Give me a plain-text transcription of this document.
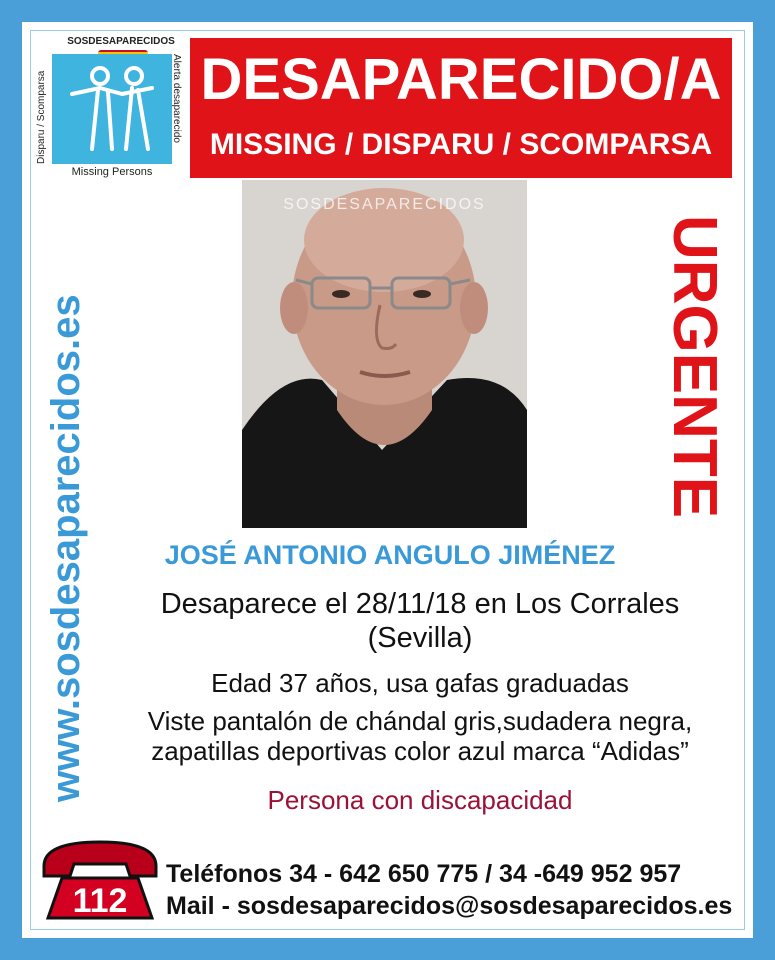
SOSDESAPARECIDOS
Disparu / Scomparsa	Alerta desaparecido
Missing Persons
DESAPARECIDO/A
MISSING / DISPARU / SCOMPARSA
www.sosdesaparecidos.es	URGENTE
SOSDESAPARECIDOS
JOSÉ ANTONIO ANGULO JIMÉNEZ
Desaparece el 28/11/18 en Los Corrales
(Sevilla)
Edad 37 años, usa gafas graduadas
Viste pantalón de chándal gris,sudadera negra,
zapatillas deportivas color azul marca “Adidas”
Persona con discapacidad
112
Teléfonos 34 - 642 650 775 / 34 -649 952 957
Mail - sosdesaparecidos@sosdesaparecidos.es
